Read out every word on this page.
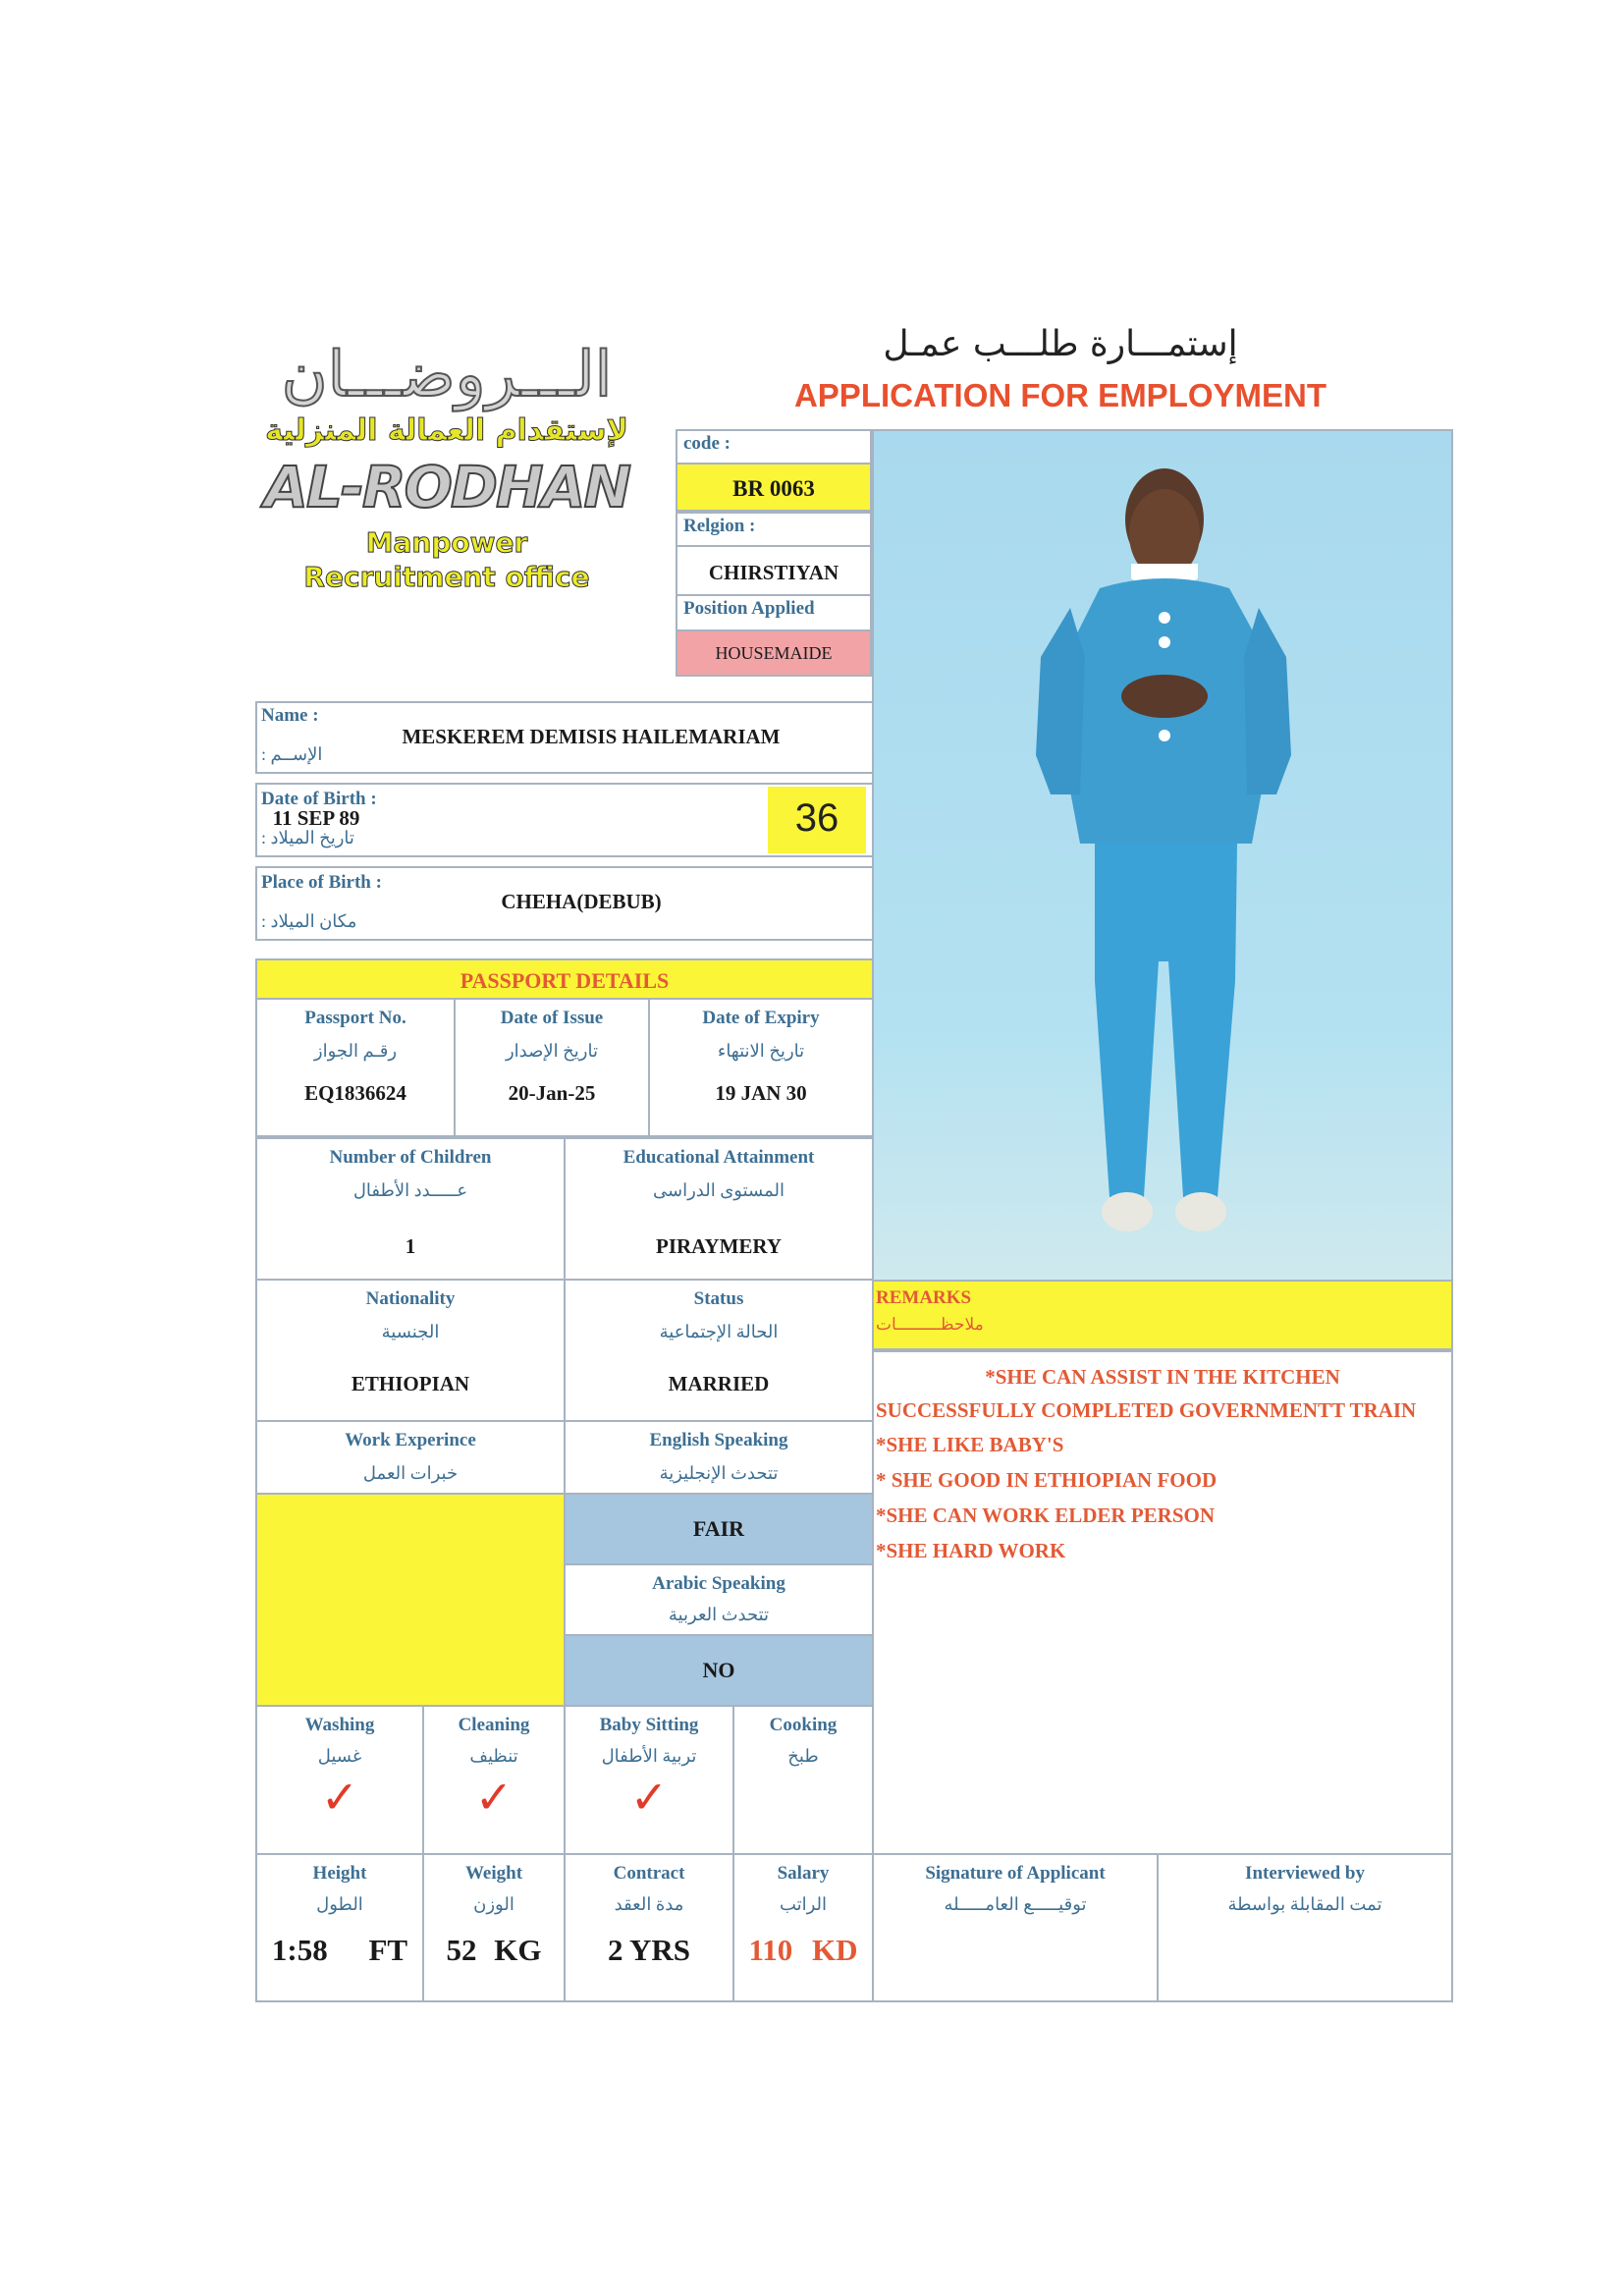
الـــروضـــان
لإستقدام العمالة المنزلية
AL-RODHAN
Manpower
Recruitment office
إستمـــارة طلـــب عمـل
APPLICATION FOR EMPLOYMENT
code :
BR 0063
Relgion :
CHIRSTIYAN
Position Applied
HOUSEMAIDE
Name :
الإســم :
MESKEREM DEMISIS HAILEMARIAM
Date of Birth :
تاريخ الميلاد :
11 SEP 89	36
Place of Birth :
مكان الميلاد :
CHEHA(DEBUB)
PASSPORT DETAILS
Passport No.
رقـم الجواز
EQ1836624
Date of Issue
تاريخ الإصدار
20-Jan-25
Date of Expiry
تاريخ الانتهاء
19 JAN 30
Number of Children
عـــــدد الأطفال
1
Educational Attainment
المستوى الدراسى
PIRAYMERY
Nationality
الجنسية
ETHIOPIAN
Status
الحالة الإجتماعية
MARRIED
Work Experince
خبرات العمل
English Speaking
تتحدث الإنجليزية
FAIR
Arabic Speaking
تتحدث العربية
NO
REMARKS
ملاحظـــــــــات
*SHE CAN ASSIST IN THE KITCHEN
SUCCESSFULLY COMPLETED GOVERNMENTT TRAIN
*SHE LIKE BABY'S
* SHE GOOD IN ETHIOPIAN FOOD
*SHE CAN WORK ELDER PERSON
*SHE HARD WORK
Washing
غسيل
✓
Cleaning
تنظيف
✓
Baby Sitting
تربية الأطفال
✓
Cooking
طبخ
Height
الطول
1:58 FT
Weight
الوزن
52 KG
Contract
مدة العقد
2 YRS
Salary
الراتب
110 KD
Signature of Applicant
توقيـــــع العامـــــله
Interviewed by
تمت المقابلة بواسطة
